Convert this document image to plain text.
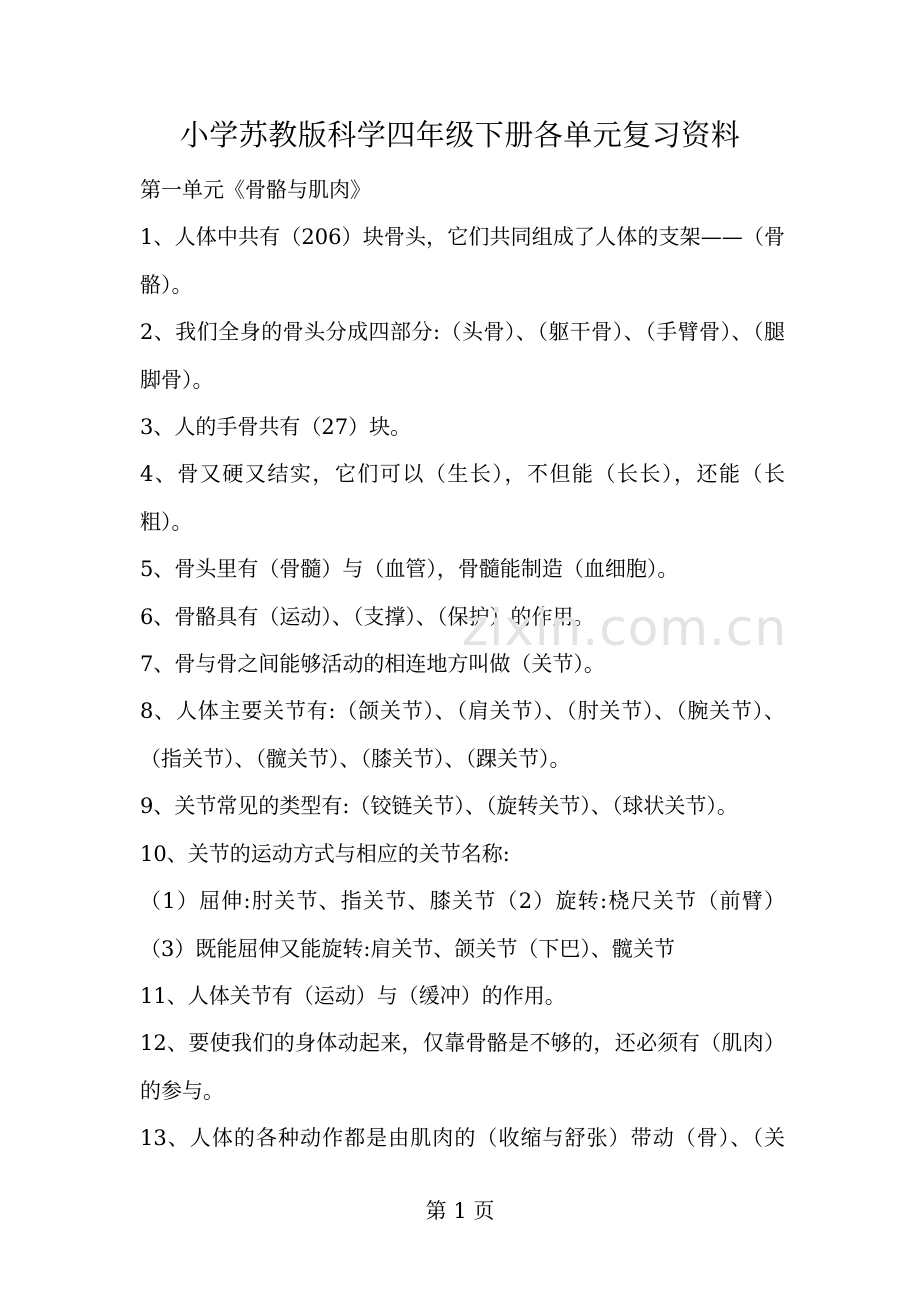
小学苏教版科学四年级下册各单元复习资料

第一单元《骨骼与肌肉》

1、人体中共有（206）块骨头，它们共同组成了人体的支架——（骨

骼）。

2、我们全身的骨头分成四部分:（头骨）、（躯干骨）、（手臂骨）、（腿

脚骨）。

3、人的手骨共有（27）块。

4、骨又硬又结实，它们可以（生长），不但能（长长），还能（长

粗）。

5、骨头里有（骨髓）与（血管），骨髓能制造（血细胞）。

6、骨骼具有（运动）、（支撑）、（保护）的作用。

7、骨与骨之间能够活动的相连地方叫做（关节）。

8、人体主要关节有:（颌关节）、（肩关节）、（肘关节）、（腕关节）、

（指关节）、（髋关节）、（膝关节）、（踝关节）。

9、关节常见的类型有:（铰链关节）、（旋转关节）、（球状关节）。

10、关节的运动方式与相应的关节名称:

（1）屈伸:肘关节、指关节、膝关节（2）旋转:桡尺关节（前臂）

（3）既能屈伸又能旋转:肩关节、颌关节（下巴）、髋关节

11、人体关节有（运动）与（缓冲）的作用。

12、要使我们的身体动起来，仅靠骨骼是不够的，还必须有（肌肉）

的参与。

13、人体的各种动作都是由肌肉的（收缩与舒张）带动（骨）、（关

zixin.com.cn
第 1 页
